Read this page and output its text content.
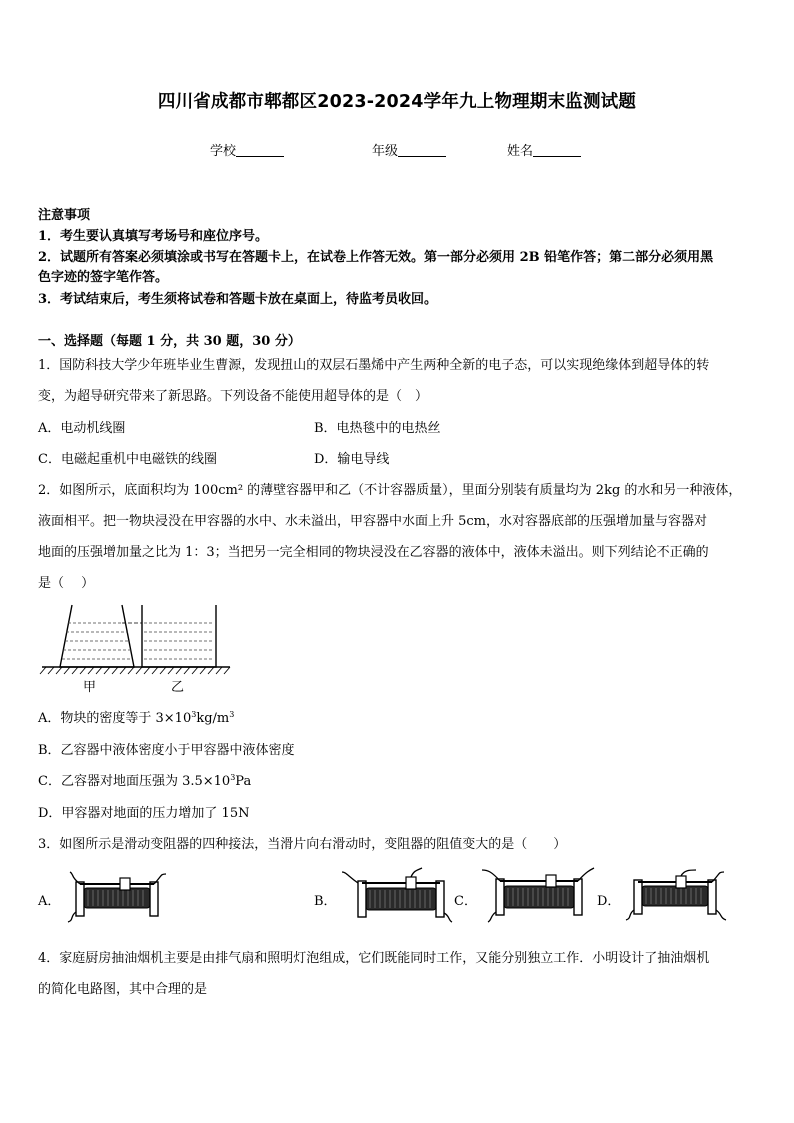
四川省成都市郫都区2023-2024学年九上物理期末监测试题
学校	年级	姓名
注意事项
1．考生要认真填写考场号和座位序号。
2．试题所有答案必须填涂或书写在答题卡上，在试卷上作答无效。第一部分必须用 2B 铅笔作答；第二部分必须用黑
色字迹的签字笔作答。
3．考试结束后，考生须将试卷和答题卡放在桌面上，待监考员收回。
一、选择题（每题 1 分，共 30 题，30 分）
1．国防科技大学少年班毕业生曹源，发现扭山的双层石墨烯中产生两种全新的电子态，可以实现绝缘体到超导体的转
变，为超导研究带来了新思路。下列设备不能使用超导体的是（　）
A．电动机线圈	B．电热毯中的电热丝
C．电磁起重机中电磁铁的线圈	D．输电导线
2．如图所示，底面积均为 100cm² 的薄壁容器甲和乙（不计容器质量），里面分别装有质量均为 2kg 的水和另一种液体，
液面相平。把一物块浸没在甲容器的水中、水未溢出，甲容器中水面上升 5cm，水对容器底部的压强增加量与容器对
地面的压强增加量之比为 1：3；当把另一完全相同的物块浸没在乙容器的液体中，液体未溢出。则下列结论不正确的
是（　 ）
甲	乙
A．物块的密度等于 $3\times 10^3kg/m^3$
B．乙容器中液体密度小于甲容器中液体密度
C．乙容器对地面压强为 $3.5\times 10^3Pa$
D．甲容器对地面的压力增加了 15N
3．如图所示是滑动变阻器的四种接法，当滑片向右滑动时，变阻器的阻值变大的是（　　）
A．	B．	C．	D．
4．家庭厨房抽油烟机主要是由排气扇和照明灯泡组成，它们既能同时工作，又能分别独立工作．小明设计了抽油烟机
的简化电路图，其中合理的是
